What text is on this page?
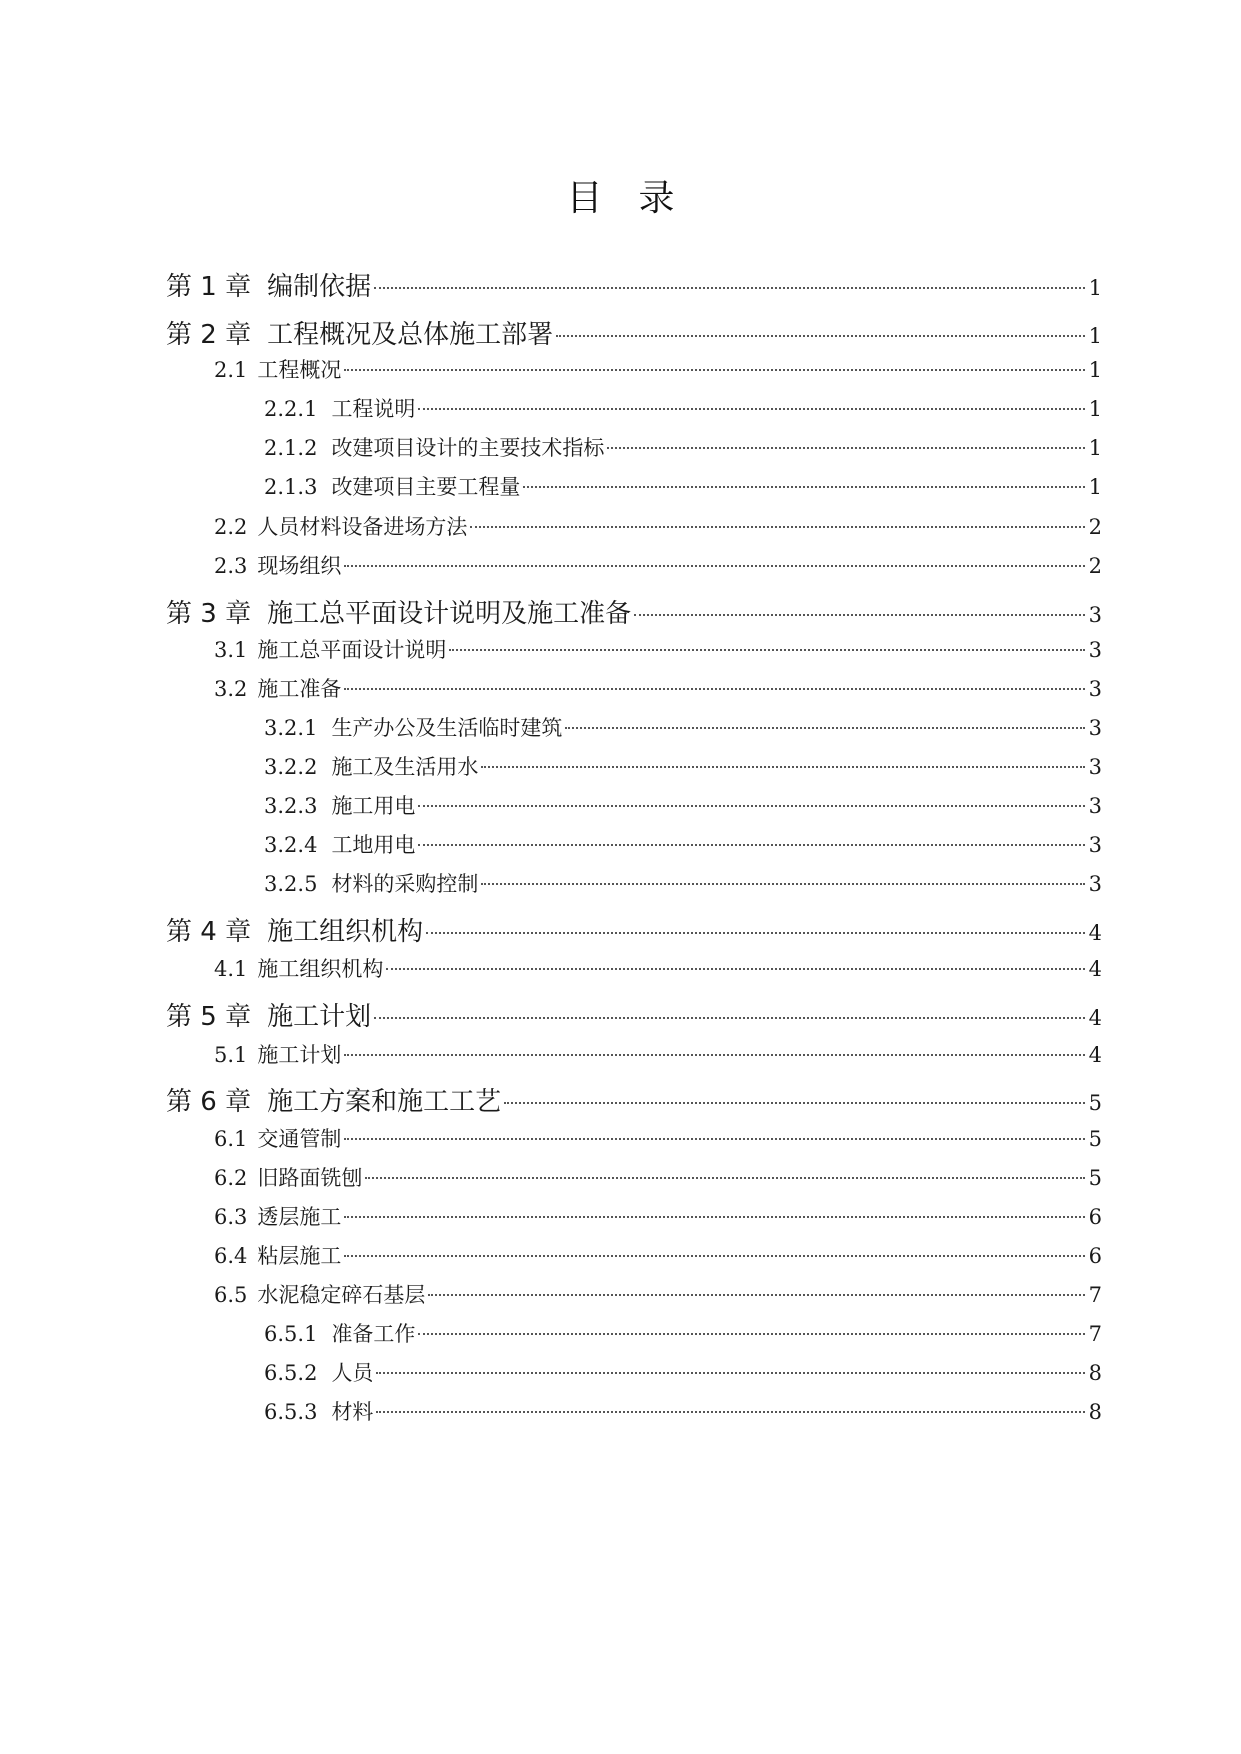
目　录
第 1 章 编制依据	1
第 2 章 工程概况及总体施工部署	1
2.1 工程概况	1
2.2.1 工程说明	1
2.1.2 改建项目设计的主要技术指标	1
2.1.3 改建项目主要工程量	1
2.2 人员材料设备进场方法	2
2.3 现场组织	2
第 3 章 施工总平面设计说明及施工准备	3
3.1 施工总平面设计说明	3
3.2 施工准备	3
3.2.1 生产办公及生活临时建筑	3
3.2.2 施工及生活用水	3
3.2.3 施工用电	3
3.2.4 工地用电	3
3.2.5 材料的采购控制	3
第 4 章 施工组织机构	4
4.1 施工组织机构	4
第 5 章 施工计划	4
5.1 施工计划	4
第 6 章 施工方案和施工工艺	5
6.1 交通管制	5
6.2 旧路面铣刨	5
6.3 透层施工	6
6.4 粘层施工	6
6.5 水泥稳定碎石基层	7
6.5.1 准备工作	7
6.5.2 人员	8
6.5.3 材料	8
